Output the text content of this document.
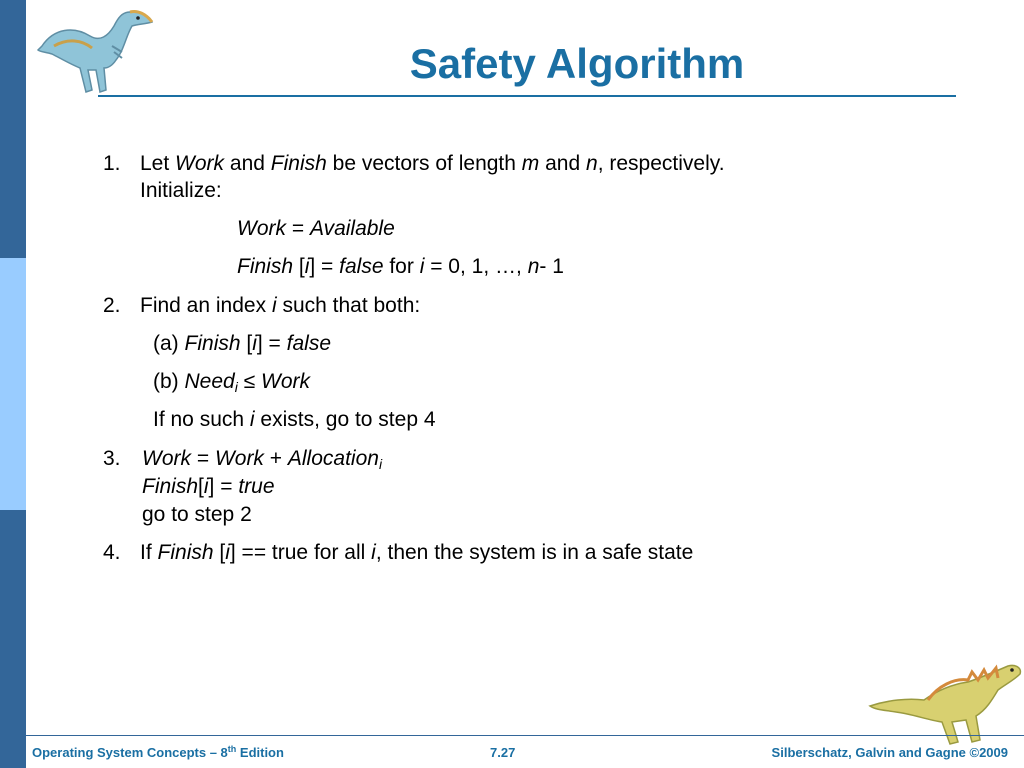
Safety Algorithm
1. Let Work and Finish be vectors of length m and n, respectively.
Initialize:
Work = Available
Finish [i] = false for i = 0, 1, …, n- 1
2. Find an index i such that both:
(a) Finish [i] = false
(b) Need$_i$ ≤ Work
If no such i exists, go to step 4
3. Work = Work + Allocation$_i$
Finish[i] = true
go to step 2
4. If Finish [i] == true for all i, then the system is in a safe state
Operating System Concepts – 8th Edition	7.27	Silberschatz, Galvin and Gagne ©2009
